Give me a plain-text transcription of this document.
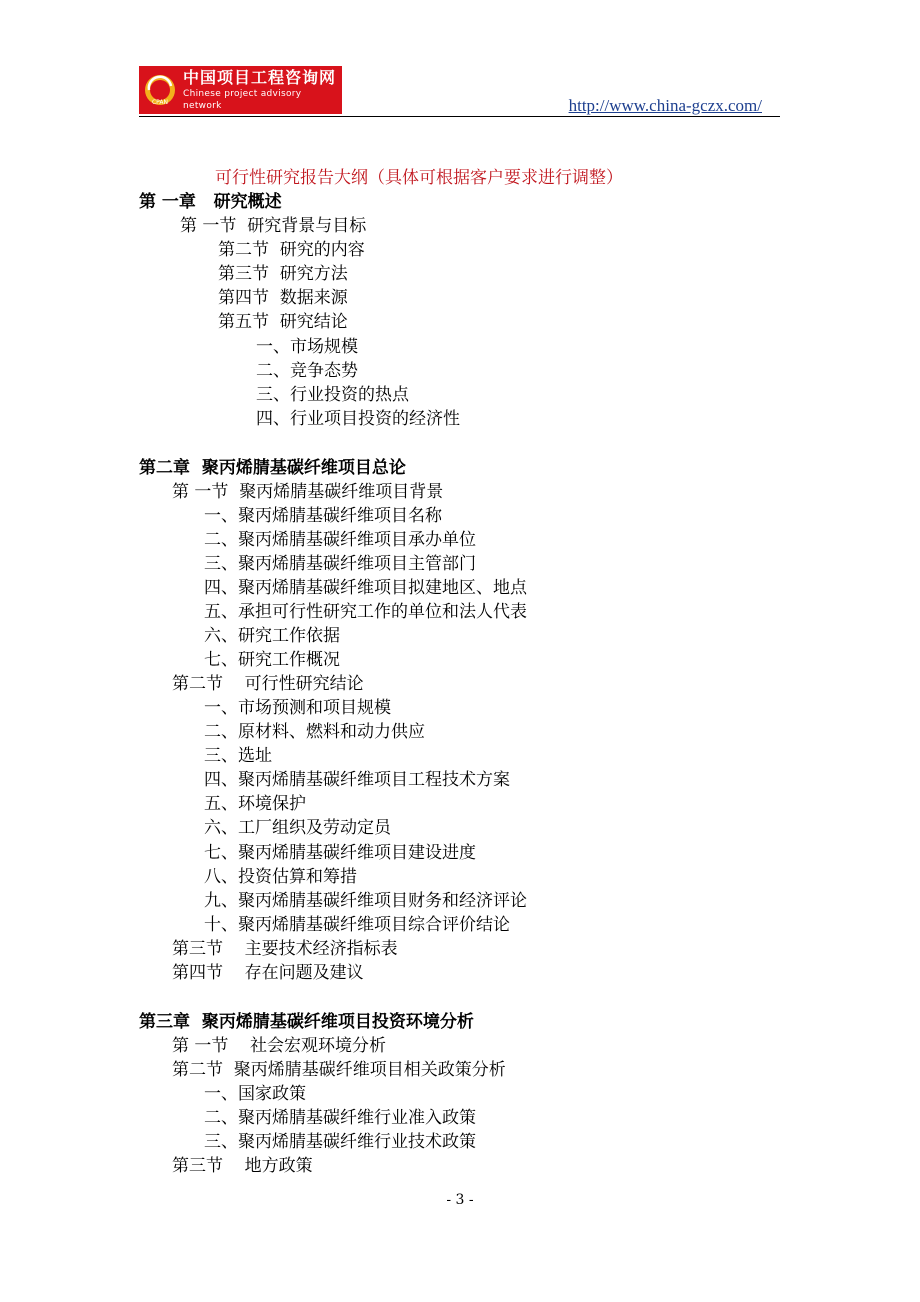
CPAN
中国项目工程咨询网
Chinese project advisory network	http://www.china-gczx.com/
可行性研究报告大纲（具体可根据客户要求进行调整）
第 一章   研究概述
第 一节  研究背景与目标
第二节  研究的内容
第三节  研究方法
第四节  数据来源
第五节  研究结论
一、市场规模
二、竞争态势
三、行业投资的热点
四、行业项目投资的经济性
第二章  聚丙烯腈基碳纤维项目总论
第 一节  聚丙烯腈基碳纤维项目背景
一、聚丙烯腈基碳纤维项目名称
二、聚丙烯腈基碳纤维项目承办单位
三、聚丙烯腈基碳纤维项目主管部门
四、聚丙烯腈基碳纤维项目拟建地区、地点
五、承担可行性研究工作的单位和法人代表
六、研究工作依据
七、研究工作概况
第二节    可行性研究结论
一、市场预测和项目规模
二、原材料、燃料和动力供应
三、选址
四、聚丙烯腈基碳纤维项目工程技术方案
五、环境保护
六、工厂组织及劳动定员
七、聚丙烯腈基碳纤维项目建设进度
八、投资估算和筹措
九、聚丙烯腈基碳纤维项目财务和经济评论
十、聚丙烯腈基碳纤维项目综合评价结论
第三节    主要技术经济指标表
第四节    存在问题及建议
第三章  聚丙烯腈基碳纤维项目投资环境分析
第 一节    社会宏观环境分析
第二节  聚丙烯腈基碳纤维项目相关政策分析
一、国家政策
二、聚丙烯腈基碳纤维行业准入政策
三、聚丙烯腈基碳纤维行业技术政策
第三节    地方政策
- 3 -
